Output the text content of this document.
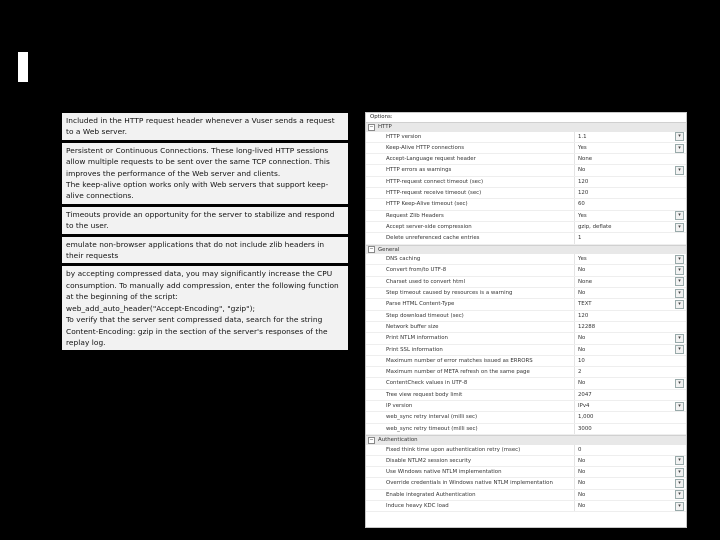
Included in the HTTP request header whenever a Vuser sends a request to a Web server.
Persistent or Continuous Connections. These long-lived HTTP sessions allow multiple requests to be sent over the same TCP connection. This improves the performance of the Web server and clients.
The keep-alive option works only with Web servers that support keep-alive connections.
Timeouts provide an opportunity for the server to stabilize and respond to the user.
emulate non-browser applications that do not include zlib headers in their requests
by accepting compressed data, you may significantly increase the CPU consumption. To manually add compression, enter the following function at the beginning of the script:
web_add_auto_header("Accept-Encoding", "gzip");
To verify that the server sent compressed data, search for the string Content-Encoding: gzip in the section of the server's responses of the replay log.
Options:
− HTTP
HTTP version	1.1	▾
Keep-Alive HTTP connections	Yes	▾
Accept-Language request header	None
HTTP errors as warnings	No	▾
HTTP-request connect timeout (sec)	120
HTTP-request receive timeout (sec)	120
HTTP Keep-Alive timeout (sec)	60
Request Zlib Headers	Yes	▾
Accept server-side compression	gzip, deflate	▾
Delete unreferenced cache entries	1
− General
DNS caching	Yes	▾
Convert from/to UTF-8	No	▾
Charset used to convert html	None	▾
Step timeout caused by resources is a warning	No	▾
Parse HTML Content-Type	TEXT	▾
Step download timeout (sec)	120
Network buffer size	12288
Print NTLM information	No	▾
Print SSL information	No	▾
Maximum number of error matches issued as ERRORS	10
Maximum number of META refresh on the same page	2
ContentCheck values in UTF-8	No	▾
Tree view request body limit	2047
IP version	IPv4	▾
web_sync retry interval (milli sec)	1,000
web_sync retry timeout (milli sec)	3000
− Authentication
Fixed think time upon authentication retry (msec)	0
Disable NTLM2 session security	No	▾
Use Windows native NTLM implementation	No	▾
Override credentials in Windows native NTLM implementation	No	▾
Enable integrated Authentication	No	▾
Induce heavy KDC load	No	▾
